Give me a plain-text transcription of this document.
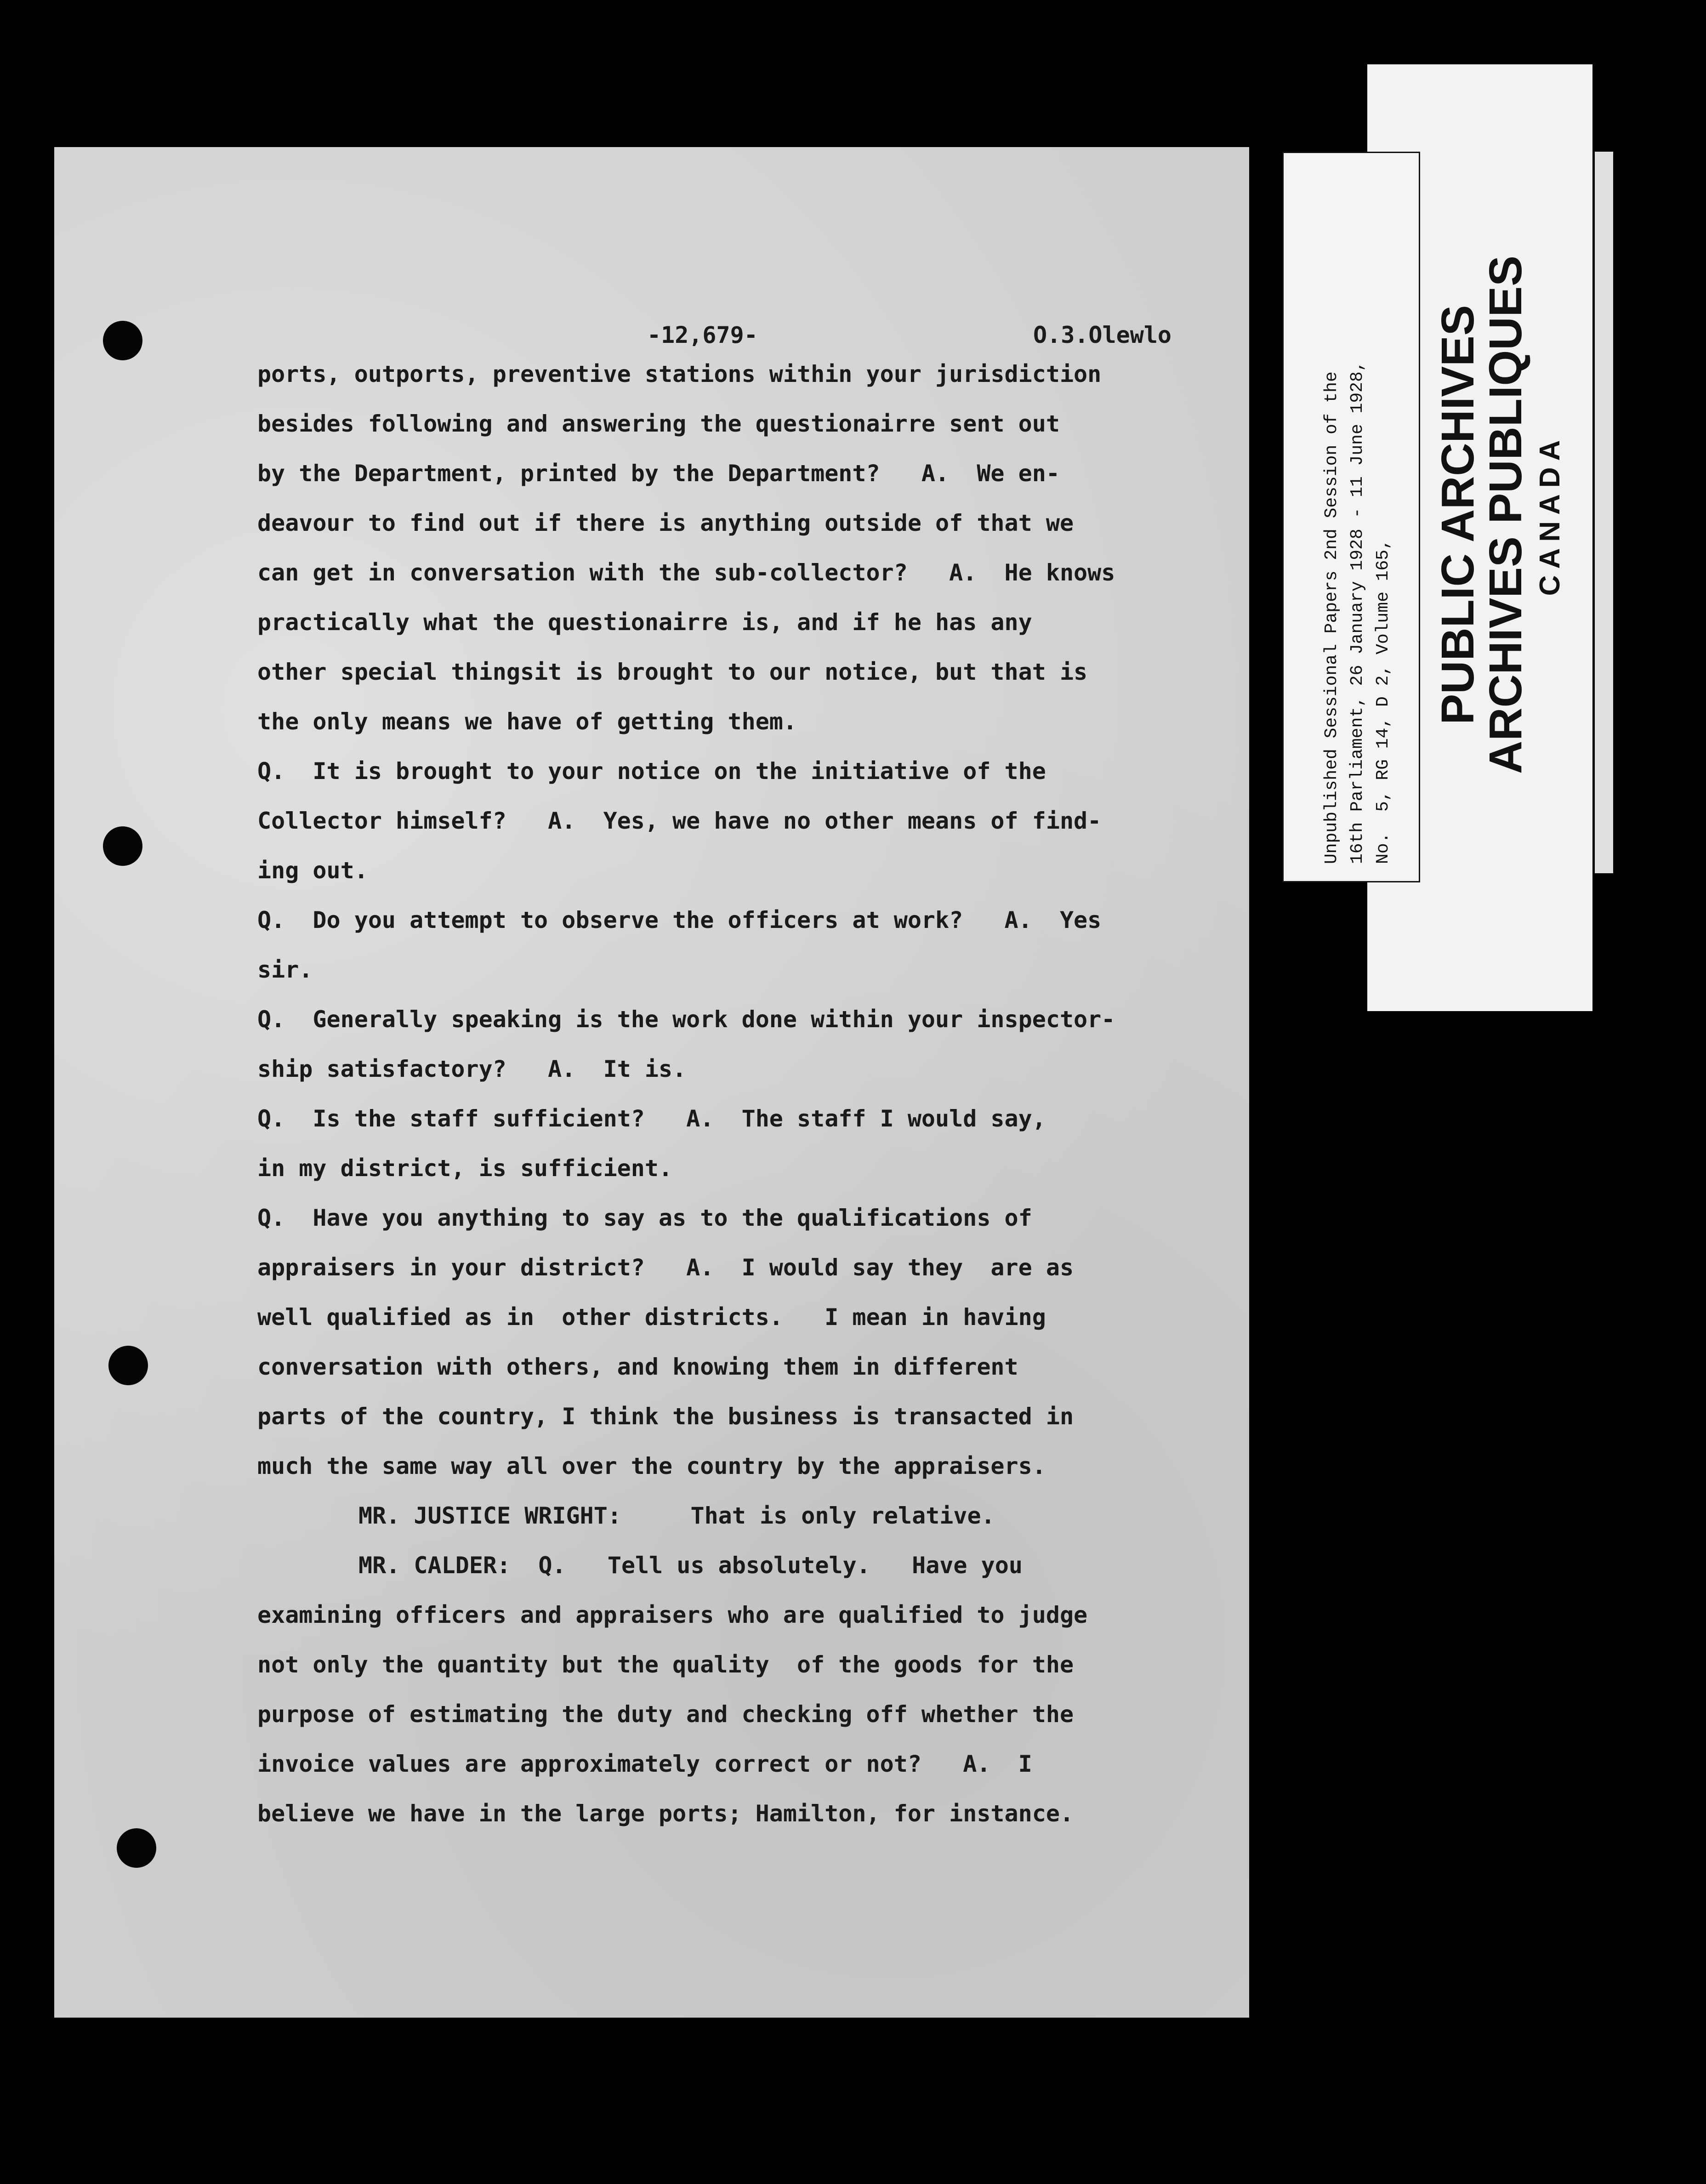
-12,679-	O.3.Olewlo
ports, outports, preventive stations within your jurisdiction
besides following and answering the questionairre sent out
by the Department, printed by the Department?   A.  We en-
deavour to find out if there is anything outside of that we
can get in conversation with the sub-collector?   A.  He knows
practically what the questionairre is, and if he has any
other special thingsit is brought to our notice, but that is
the only means we have of getting them.
Q.  It is brought to your notice on the initiative of the
Collector himself?   A.  Yes, we have no other means of find-
ing out.
Q.  Do you attempt to observe the officers at work?   A.  Yes
sir.
Q.  Generally speaking is the work done within your inspector-
ship satisfactory?   A.  It is.
Q.  Is the staff sufficient?   A.  The staff I would say,
in my district, is sufficient.
Q.  Have you anything to say as to the qualifications of
appraisers in your district?   A.  I would say they  are as
well qualified as in  other districts.   I mean in having
conversation with others, and knowing them in different
parts of the country, I think the business is transacted in
much the same way all over the country by the appraisers.
MR. JUSTICE WRIGHT:     That is only relative.
MR. CALDER:  Q.   Tell us absolutely.   Have you
examining officers and appraisers who are qualified to judge
not only the quantity but the quality  of the goods for the
purpose of estimating the duty and checking off whether the
invoice values are approximately correct or not?   A.  I
believe we have in the large ports; Hamilton, for instance.
Unpublished Sessional Papers 2nd Session of the 16th Parliament, 26 January 1928 - 11 June 1928, No.  5, RG 14, D 2, Volume 165, PUBLIC ARCHIVES
ARCHIVES PUBLIQUES CANADA
